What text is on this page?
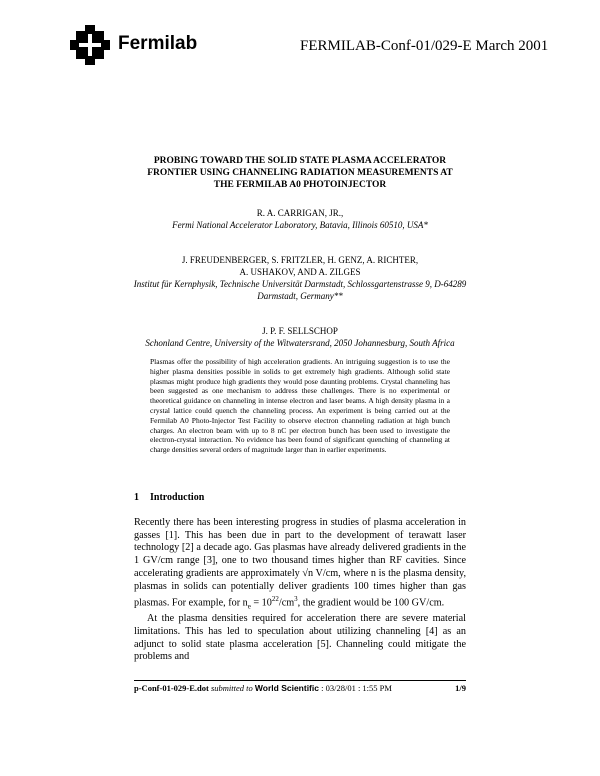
Fermilab	FERMILAB-Conf-01/029-E March 2001
PROBING TOWARD THE SOLID STATE PLASMA ACCELERATOR
FRONTIER USING CHANNELING RADIATION MEASUREMENTS AT
THE FERMILAB A0 PHOTOINJECTOR
R. A. CARRIGAN, JR.,
Fermi National Accelerator Laboratory, Batavia, Illinois 60510, USA*
J. FREUDENBERGER, S. FRITZLER, H. GENZ, A. RICHTER,
A. USHAKOV, AND A. ZILGES
Institut für Kernphysik, Technische Universität Darmstadt, Schlossgartenstrasse 9, D-64289
Darmstadt, Germany**
J. P. F. SELLSCHOP
Schonland Centre, University of the Witwatersrand, 2050 Johannesburg, South Africa
Plasmas offer the possibility of high acceleration gradients. An intriguing suggestion is to use the higher plasma densities possible in solids to get extremely high gradients. Although solid state plasmas might produce high gradients they would pose daunting problems. Crystal channeling has been suggested as one mechanism to address these challenges. There is no experimental or theoretical guidance on channeling in intense electron and laser beams. A high density plasma in a crystal lattice could quench the channeling process. An experiment is being carried out at the Fermilab A0 Photo-Injector Test Facility to observe electron channeling radiation at high bunch charges. An electron beam with up to 8 nC per electron bunch has been used to investigate the electron-crystal interaction. No evidence has been found of significant quenching of channeling at charge densities several orders of magnitude larger than in earlier experiments.
1 Introduction

Recently there has been interesting progress in studies of plasma acceleration in gasses [1]. This has been due in part to the development of terawatt laser technology [2] a decade ago. Gas plasmas have already delivered gradients in the 1 GV/cm range [3], one to two thousand times higher than RF cavities. Since accelerating gradients are approximately √n V/cm, where n is the plasma density, plasmas in solids can potentially deliver gradients 100 times higher than gas plasmas. For example, for $n_e = 10^{22}/cm^3$, the gradient would be 100 GV/cm.

At the plasma densities required for acceleration there are severe material limitations. This has led to speculation about utilizing channeling [4] as an adjunct to solid state plasma acceleration [5]. Channeling could mitigate the problems and

p-Conf-01-029-E.dot submitted to World Scientific : 03/28/01 : 1:55 PM	1/9
